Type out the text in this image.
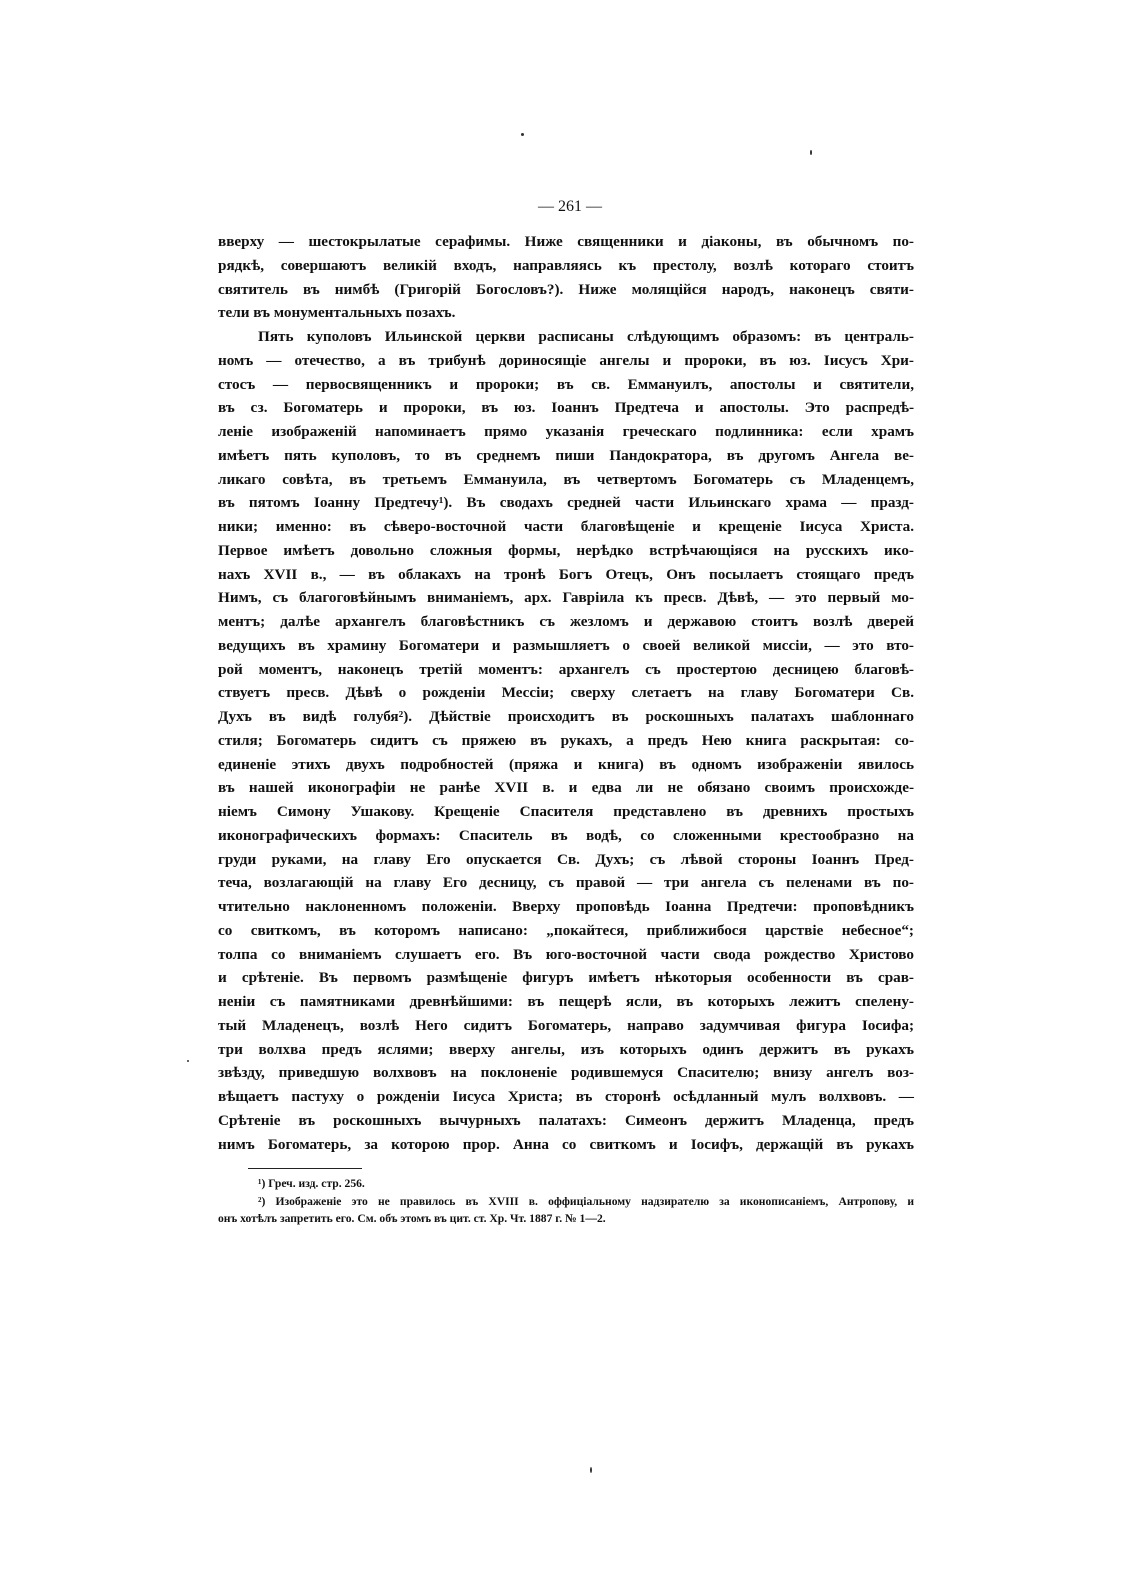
— 261 —
вверху — шестокрылатые серафимы. Ниже священники и діаконы, въ обычномъ по-
рядкѣ, совершаютъ великій входъ, направляясь къ престолу, возлѣ котораго стоитъ
святитель въ нимбѣ (Григорій Богословъ?). Ниже молящійся народъ, наконецъ святи-
тели въ монументальныхъ позахъ.
Пять куполовъ Ильинской церкви расписаны слѣдующимъ образомъ: въ централь-
номъ — отечество, а въ трибунѣ дориносящіе ангелы и пророки, въ юз. Іисусъ Хри-
стосъ — первосвященникъ и пророки; въ св. Еммануилъ, апостолы и святители,
въ сз. Богоматерь и пророки, въ юз. Іоаннъ Предтеча и апостолы. Это распредѣ-
леніе изображеній напоминаетъ прямо указанія греческаго подлинника: если храмъ
имѣетъ пять куполовъ, то въ среднемъ пиши Пандократора, въ другомъ Ангела ве-
ликаго совѣта, въ третьемъ Еммануила, въ четвертомъ Богоматерь съ Младенцемъ,
въ пятомъ Іоанну Предтечу¹). Въ сводахъ средней части Ильинскаго храма — празд-
ники; именно: въ сѣверо-восточной части благовѣщеніе и крещеніе Іисуса Христа.
Первое имѣетъ довольно сложныя формы, нерѣдко встрѣчающіяся на русскихъ ико-
нахъ XVII в., — въ облакахъ на тронѣ Богъ Отецъ, Онъ посылаетъ стоящаго предъ
Нимъ, съ благоговѣйнымъ вниманіемъ, арх. Гавріила къ пресв. Дѣвѣ, — это первый мо-
ментъ; далѣе архангелъ благовѣстникъ съ жезломъ и державою стоитъ возлѣ дверей
ведущихъ въ храмину Богоматери и размышляетъ о своей великой миссіи, — это вто-
рой моментъ, наконецъ третій моментъ: архангелъ съ простертою десницею благовѣ-
ствуетъ пресв. Дѣвѣ о рожденіи Мессіи; сверху слетаетъ на главу Богоматери Св.
Духъ въ видѣ голубя²). Дѣйствіе происходитъ въ роскошныхъ палатахъ шаблоннаго
стиля; Богоматерь сидитъ съ пряжею въ рукахъ, а предъ Нею книга раскрытая: со-
единеніе этихъ двухъ подробностей (пряжа и книга) въ одномъ изображеніи явилось
въ нашей иконографіи не ранѣе XVII в. и едва ли не обязано своимъ происхожде-
ніемъ Симону Ушакову. Крещеніе Спасителя представлено въ древнихъ простыхъ
иконографическихъ формахъ: Спаситель въ водѣ, со сложенными крестообразно на
груди руками, на главу Его опускается Св. Духъ; съ лѣвой стороны Іоаннъ Пред-
теча, возлагающій на главу Его десницу, съ правой — три ангела съ пеленами въ по-
чтительно наклоненномъ положеніи. Вверху проповѣдь Іоанна Предтечи: проповѣдникъ
со свиткомъ, въ которомъ написано: „покайтеся, приближибося царствіе небесное“;
толпа со вниманіемъ слушаетъ его. Въ юго-восточной части свода рождество Христово
и срѣтеніе. Въ первомъ размѣщеніе фигуръ имѣетъ нѣкоторыя особенности въ срав-
неніи съ памятниками древнѣйшими: въ пещерѣ ясли, въ которыхъ лежитъ спелену-
тый Младенецъ, возлѣ Него сидитъ Богоматерь, направо задумчивая фигура Іосифа;
три волхва предъ яслями; вверху ангелы, изъ которыхъ одинъ держитъ въ рукахъ
звѣзду, приведшую волхвовъ на поклоненіе родившемуся Спасителю; внизу ангелъ воз-
вѣщаетъ пастуху о рожденіи Іисуса Христа; въ сторонѣ осѣдланный мулъ волхвовъ. —
Срѣтеніе въ роскошныхъ вычурныхъ палатахъ: Симеонъ держитъ Младенца, предъ
нимъ Богоматерь, за которою прор. Анна со свиткомъ и Іосифъ, держащій въ рукахъ
¹) Греч. изд. стр. 256.
²) Изображеніе это не правилось въ XVIII в. оффиціальному надзирателю за иконописаніемъ, Антропову, и
онъ хотѣлъ запретить его. См. объ этомъ въ цит. ст. Хр. Чт. 1887 г. № 1—2.
